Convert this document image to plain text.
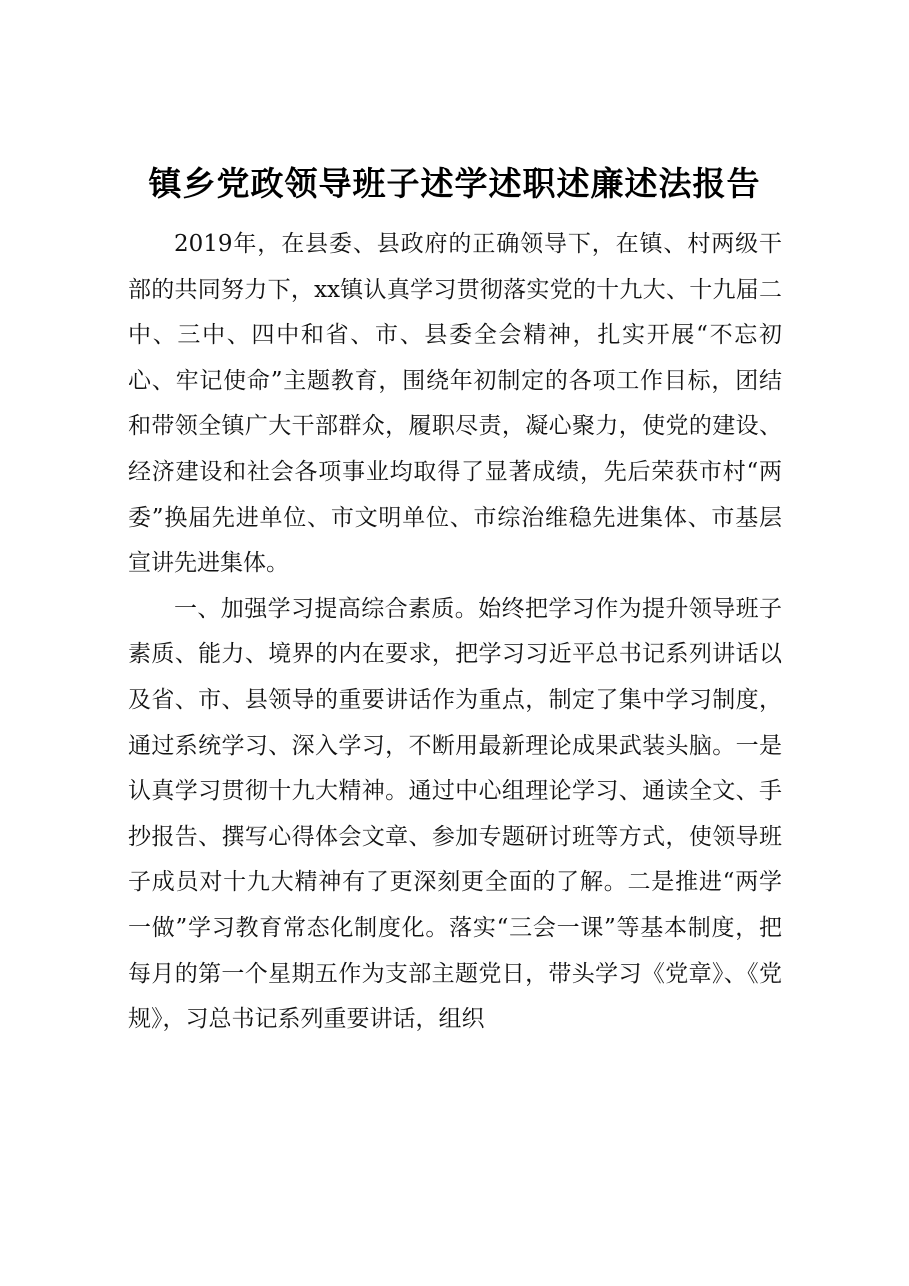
镇乡党政领导班子述学述职述廉述法报告

2019年，在县委、县政府的正确领导下，在镇、村两级干部的共同努力下，xx镇认真学习贯彻落实党的十九大、十九届二中、三中、四中和省、市、县委全会精神，扎实开展“不忘初心、牢记使命”主题教育，围绕年初制定的各项工作目标，团结和带领全镇广大干部群众，履职尽责，凝心聚力，使党的建设、经济建设和社会各项事业均取得了显著成绩，先后荣获市村“两委”换届先进单位、市文明单位、市综治维稳先进集体、市基层宣讲先进集体。

一、加强学习提高综合素质。始终把学习作为提升领导班子素质、能力、境界的内在要求，把学习习近平总书记系列讲话以及省、市、县领导的重要讲话作为重点，制定了集中学习制度，通过系统学习、深入学习，不断用最新理论成果武装头脑。一是认真学习贯彻十九大精神。通过中心组理论学习、通读全文、手抄报告、撰写心得体会文章、参加专题研讨班等方式，使领导班子成员对十九大精神有了更深刻更全面的了解。二是推进“两学一做”学习教育常态化制度化。落实“三会一课”等基本制度，把每月的第一个星期五作为支部主题党日，带头学习《党章》、《党规》，习总书记系列重要讲话，组织
